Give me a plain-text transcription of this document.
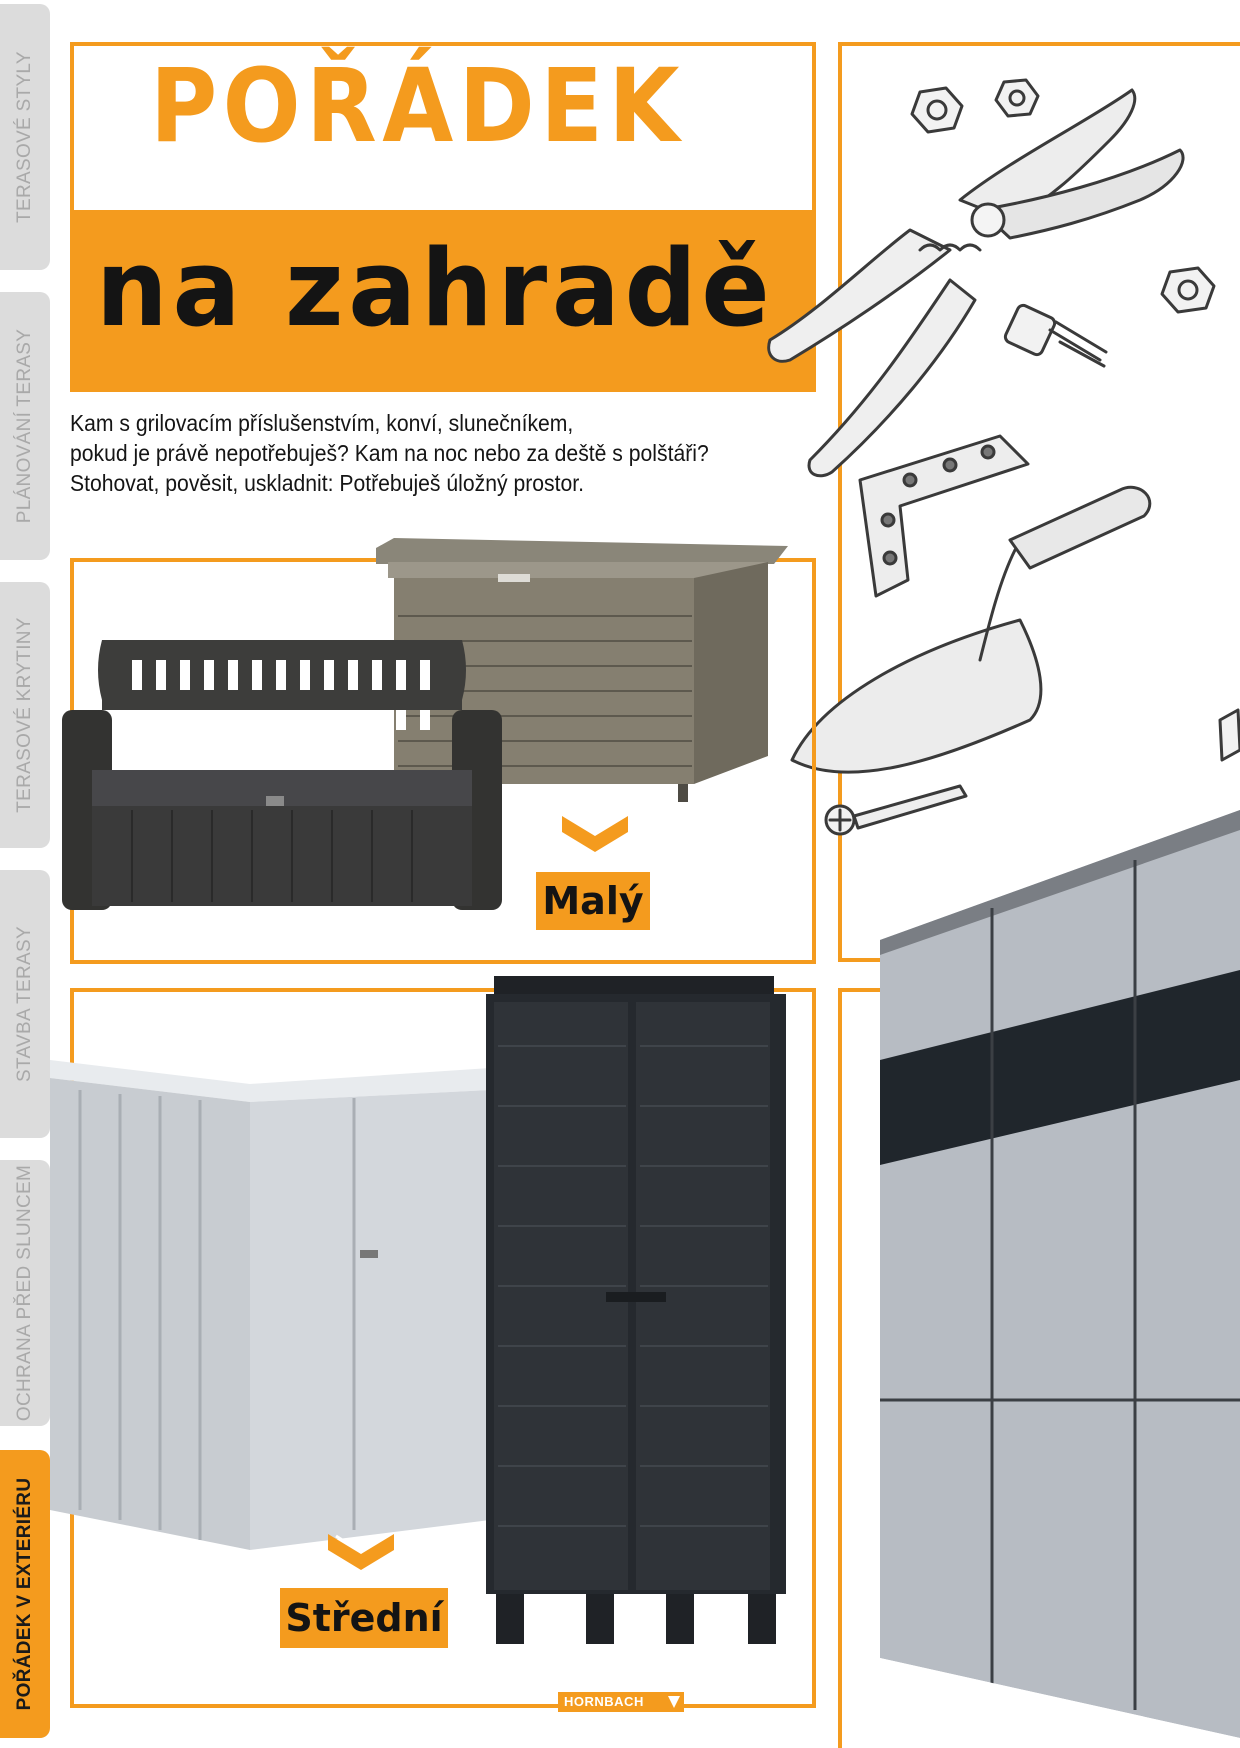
TERASOVÉ STYLY
PLÁNOVÁNÍ TERASY
TERASOVÉ KRYTINY
STAVBA TERASY
OCHRANA PŘED SLUNCEM
POŘÁDEK V EXTERIÉRU
POŘÁDEK
na zahradě

Kam s grilovacím příslušenstvím, konví, slunečníkem,
pokud je právě nepotřebuješ? Kam na noc nebo za deště s polštáři?
Stohovat, pověsit, uskladnit: Potřebuješ úložný prostor.

Malý
Střední
HORNBACH
